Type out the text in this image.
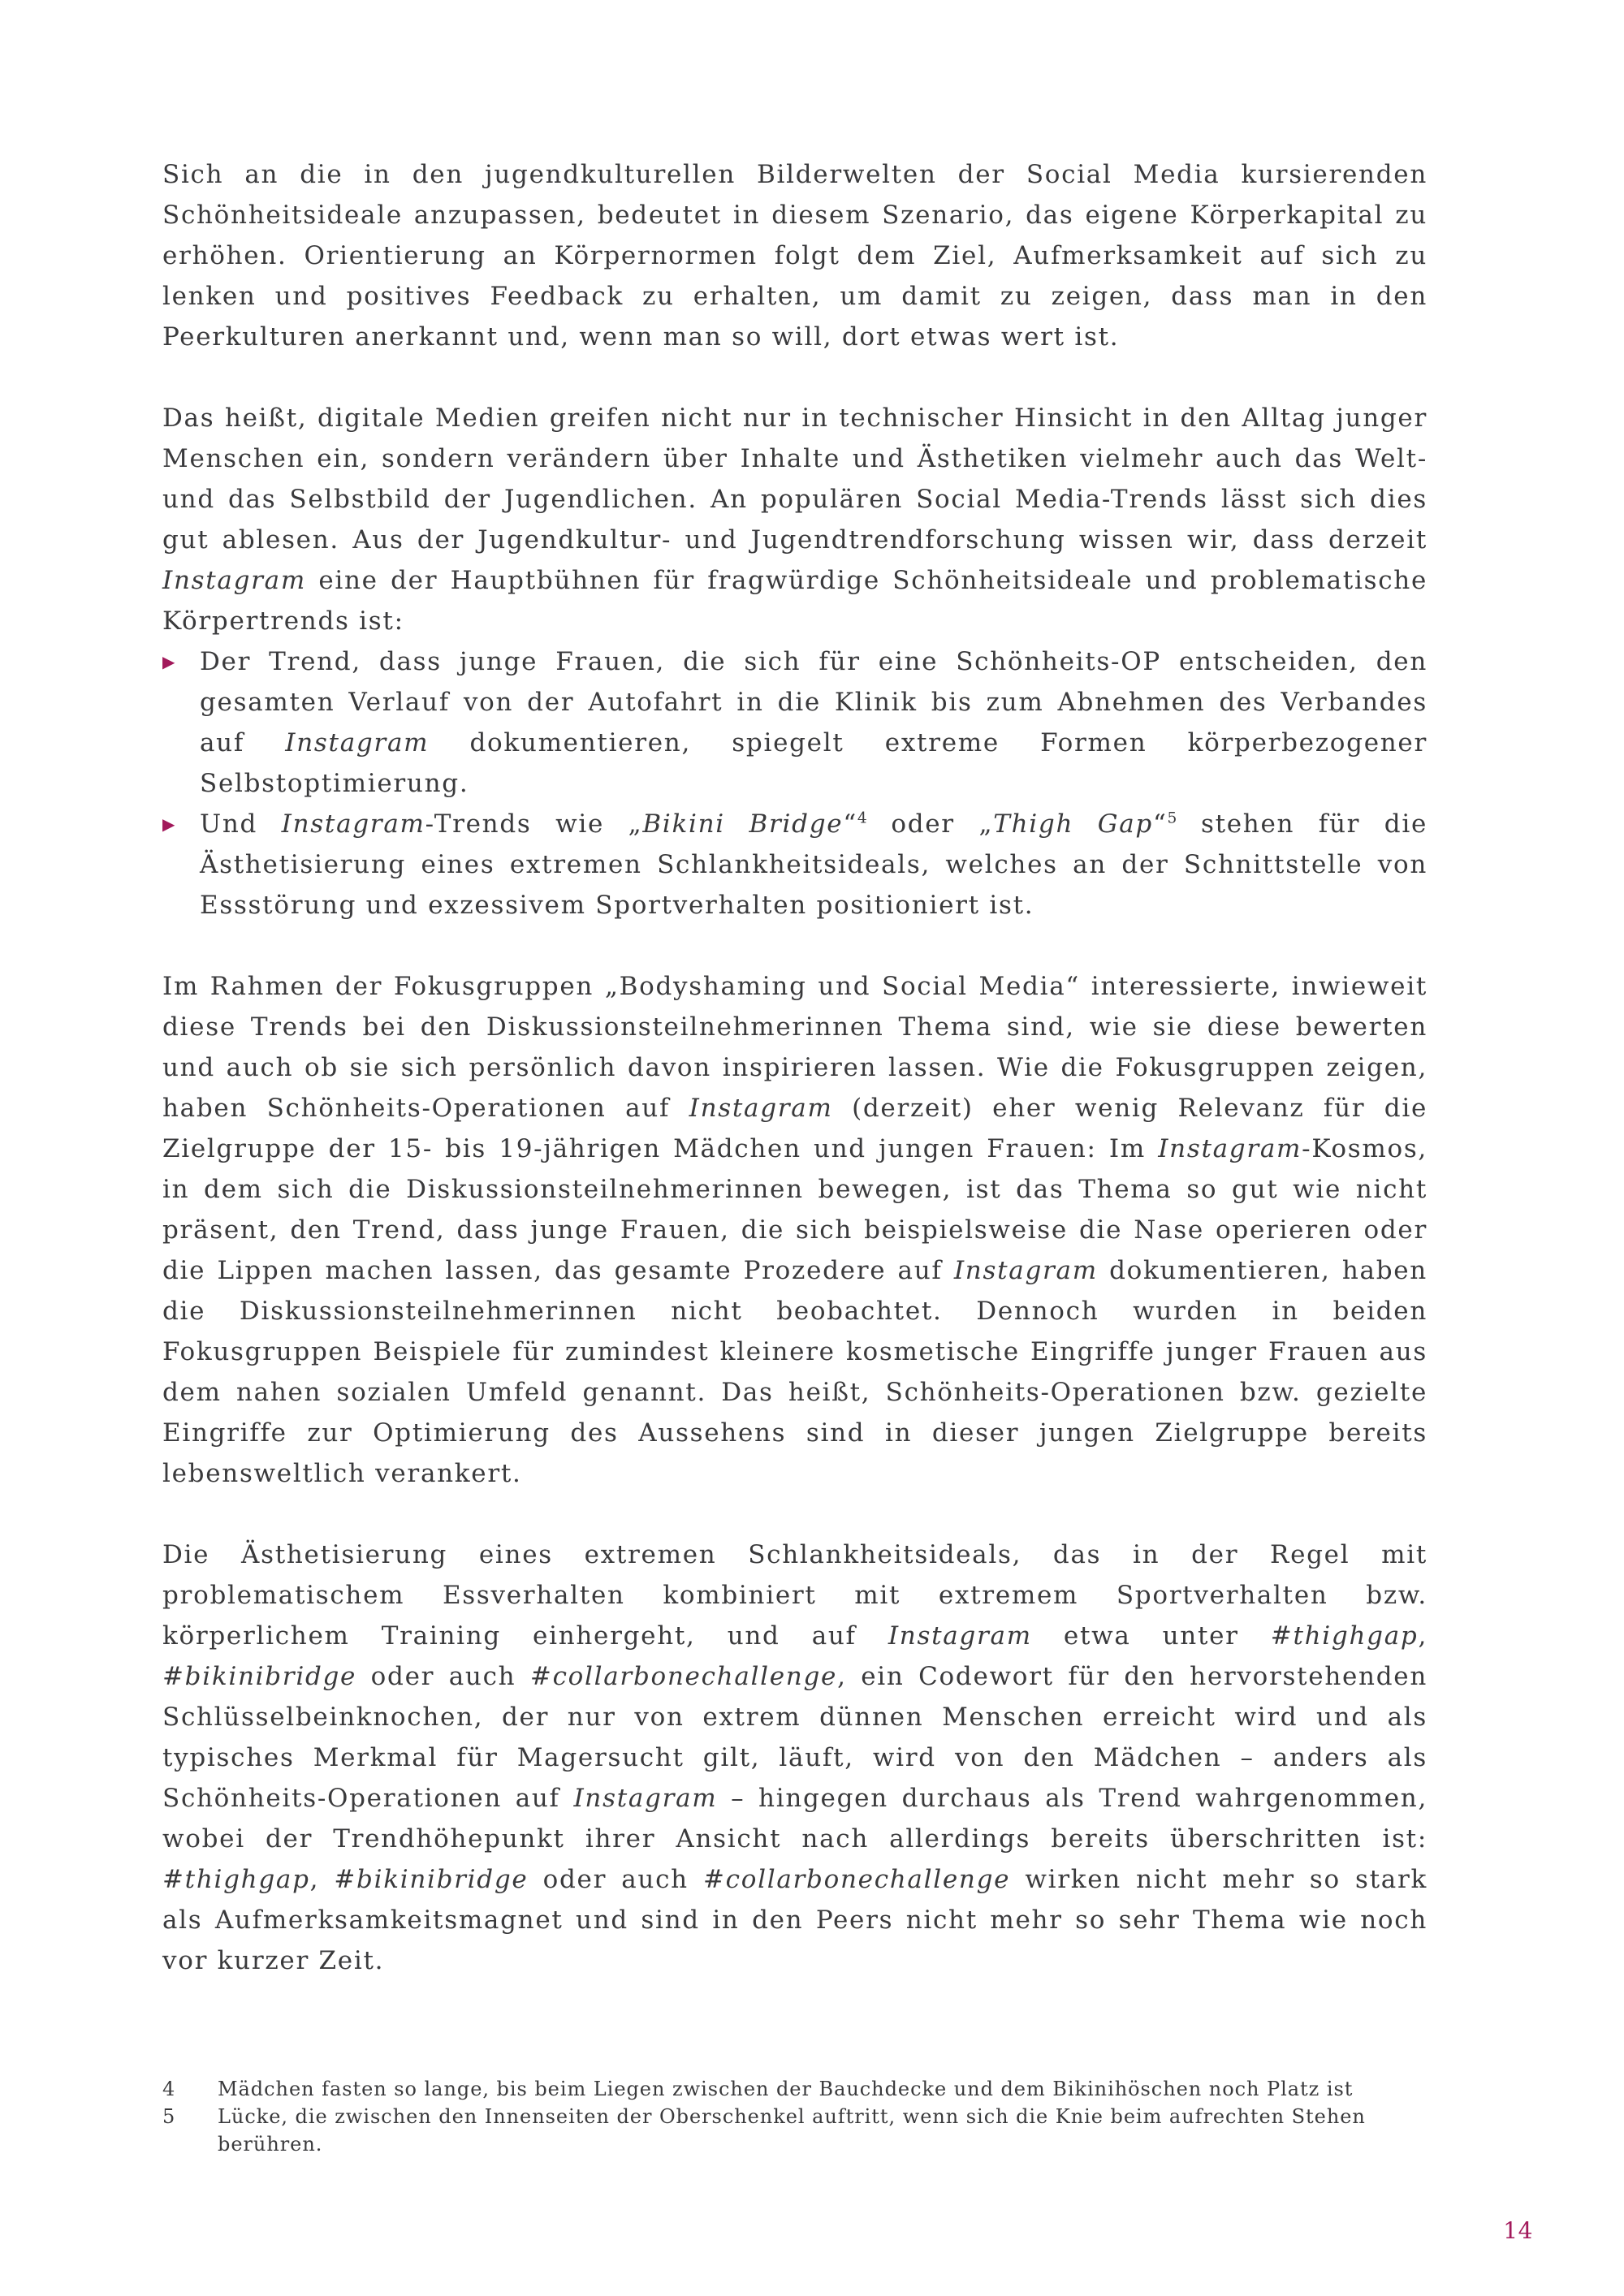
Sich an die in den jugendkulturellen Bilderwelten der Social Media kursierenden Schönheitsideale anzupassen, bedeutet in diesem Szenario, das eigene Körperkapital zu erhöhen. Orientierung an Körpernormen folgt dem Ziel, Aufmerksamkeit auf sich zu lenken und positives Feedback zu erhalten, um damit zu zeigen, dass man in den Peerkulturen anerkannt und, wenn man so will, dort etwas wert ist.

Das heißt, digitale Medien greifen nicht nur in technischer Hinsicht in den Alltag junger Menschen ein, sondern verändern über Inhalte und Ästhetiken vielmehr auch das Welt- und das Selbstbild der Jugendlichen. An populären Social Media-Trends lässt sich dies gut ablesen. Aus der Jugendkultur- und Jugendtrendforschung wissen wir, dass derzeit Instagram eine der Hauptbühnen für fragwürdige Schönheitsideale und problematische Körpertrends ist:

▶ Der Trend, dass junge Frauen, die sich für eine Schönheits-OP entscheiden, den gesamten Verlauf von der Autofahrt in die Klinik bis zum Abnehmen des Verbandes auf Instagram dokumentieren, spiegelt extreme Formen körperbezogener Selbstoptimierung.
▶ Und Instagram-Trends wie „Bikini Bridge“$^4$ oder „Thigh Gap“$^5$ stehen für die Ästhetisierung eines extremen Schlankheitsideals, welches an der Schnittstelle von Essstörung und exzessivem Sportverhalten positioniert ist.

Im Rahmen der Fokusgruppen „Bodyshaming und Social Media“ interessierte, inwieweit diese Trends bei den Diskussionsteilnehmerinnen Thema sind, wie sie diese bewerten und auch ob sie sich persönlich davon inspirieren lassen. Wie die Fokusgruppen zeigen, haben Schönheits-Operationen auf Instagram (derzeit) eher wenig Relevanz für die Zielgruppe der 15- bis 19-jährigen Mädchen und jungen Frauen: Im Instagram-Kosmos, in dem sich die Diskussionsteilnehmerinnen bewegen, ist das Thema so gut wie nicht präsent, den Trend, dass junge Frauen, die sich beispielsweise die Nase operieren oder die Lippen machen lassen, das gesamte Prozedere auf Instagram dokumentieren, haben die Diskussionsteilnehmerinnen nicht beobachtet. Dennoch wurden in beiden Fokusgruppen Beispiele für zumindest kleinere kosmetische Eingriffe junger Frauen aus dem nahen sozialen Umfeld genannt. Das heißt, Schönheits-Operationen bzw. gezielte Eingriffe zur Optimierung des Aussehens sind in dieser jungen Zielgruppe bereits lebensweltlich verankert.

Die Ästhetisierung eines extremen Schlankheitsideals, das in der Regel mit problematischem Essverhalten kombiniert mit extremem Sportverhalten bzw. körperlichem Training einhergeht, und auf Instagram etwa unter #thighgap, #bikinibridge oder auch #collarbonechallenge, ein Codewort für den hervorstehenden Schlüsselbeinknochen, der nur von extrem dünnen Menschen erreicht wird und als typisches Merkmal für Magersucht gilt, läuft, wird von den Mädchen – anders als Schönheits-Operationen auf Instagram – hingegen durchaus als Trend wahrgenommen, wobei der Trendhöhepunkt ihrer Ansicht nach allerdings bereits überschritten ist: #thighgap, #bikinibridge oder auch #collarbonechallenge wirken nicht mehr so stark als Aufmerksamkeitsmagnet und sind in den Peers nicht mehr so sehr Thema wie noch vor kurzer Zeit.

4	Mädchen fasten so lange, bis beim Liegen zwischen der Bauchdecke und dem Bikinihöschen noch Platz ist
5	Lücke, die zwischen den Innenseiten der Oberschenkel auftritt, wenn sich die Knie beim aufrechten Stehen berühren.
14
